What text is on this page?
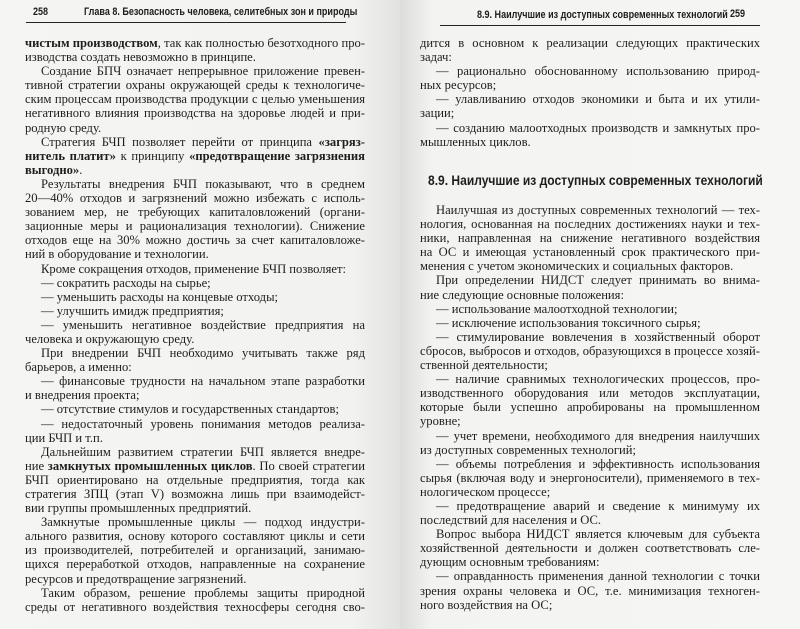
258	Глава 8. Безопасность человека, селитебных зон и природы
чистым производством, так как полностью безотходного про-
изводства создать невозможно в принципе.
Создание БПЧ означает непрерывное приложение превен-
тивной стратегии охраны окружающей среды к технологиче-
ским процессам производства продукции с целью уменьшения
негативного влияния производства на здоровье людей и при-
родную среду.
Стратегия БЧП позволяет перейти от принципа «загряз-
нитель платит» к принципу «предотвращение загрязнения
выгодно».
Результаты внедрения БЧП показывают, что в среднем
20—40% отходов и загрязнений можно избежать с исполь-
зованием мер, не требующих капиталовложений (органи-
зационные меры и рационализация технологии). Снижение
отходов еще на 30% можно достичь за счет капиталовложе-
ний в оборудование и технологии.
Кроме сокращения отходов, применение БЧП позволяет:
— сократить расходы на сырье;
— уменьшить расходы на концевые отходы;
— улучшить имидж предприятия;
— уменьшить негативное воздействие предприятия на
человека и окружающую среду.
При внедрении БЧП необходимо учитывать также ряд
барьеров, а именно:
— финансовые трудности на начальном этапе разработки
и внедрения проекта;
— отсутствие стимулов и государственных стандартов;
— недостаточный уровень понимания методов реализа-
ции БЧП и т.п.
Дальнейшим развитием стратегии БЧП является внедре-
ние замкнутых промышленных циклов. По своей стратегии
БЧП ориентировано на отдельные предприятия, тогда как
стратегия ЗПЦ (этап V) возможна лишь при взаимодейст-
вии группы промышленных предприятий.
Замкнутые промышленные циклы — подход индустри-
ального развития, основу которого составляют циклы и сети
из производителей, потребителей и организаций, занимаю-
щихся переработкой отходов, направленные на сохранение
ресурсов и предотвращение загрязнений.
Таким образом, решение проблемы защиты природной
среды от негативного воздействия техносферы сегодня сво-
8.9. Наилучшие из доступных современных технологий 259
дится в основном к реализации следующих практических
задач:
— рационально обоснованному использованию природ-
ных ресурсов;
— улавливанию отходов экономики и быта и их утили-
зации;
— созданию малоотходных производств и замкнутых про-
мышленных циклов.
Наилучшая из доступных современных технологий — тех-
нология, основанная на последних достижениях науки и тех-
ники, направленная на снижение негативного воздействия
на ОС и имеющая установленный срок практического при-
менения с учетом экономических и социальных факторов.
При определении НИДСТ следует принимать во внима-
ние следующие основные положения:
— использование малоотходной технологии;
— исключение использования токсичного сырья;
— стимулирование вовлечения в хозяйственный оборот
сбросов, выбросов и отходов, образующихся в процессе хозяй-
ственной деятельности;
— наличие сравнимых технологических процессов, про-
изводственного оборудования или методов эксплуатации,
которые были успешно апробированы на промышленном
уровне;
— учет времени, необходимого для внедрения наилучших
из доступных современных технологий;
— объемы потребления и эффективность использования
сырья (включая воду и энергоносители), применяемого в тех-
нологическом процессе;
— предотвращение аварий и сведение к минимуму их
последствий для населения и ОС.
Вопрос выбора НИДСТ является ключевым для субъекта
хозяйственной деятельности и должен соответствовать сле-
дующим основным требованиям:
— оправданность применения данной технологии с точки
зрения охраны человека и ОС, т.е. минимизация техноген-
ного воздействия на ОС;
8.9. Наилучшие из доступных современных технологий
